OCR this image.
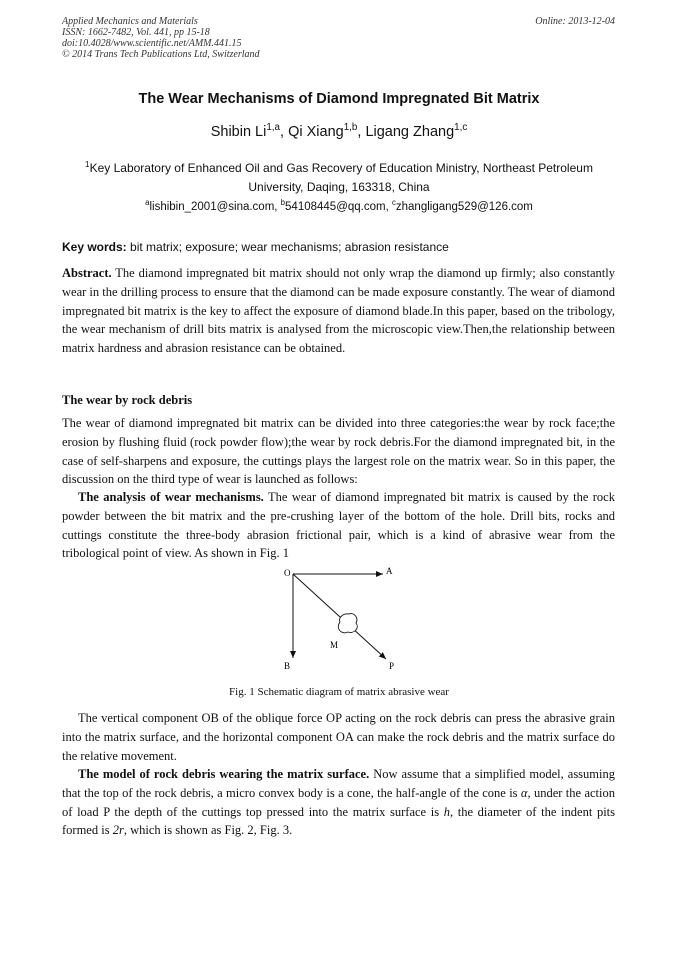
Applied Mechanics and Materials
ISSN: 1662-7482, Vol. 441, pp 15-18
doi:10.4028/www.scientific.net/AMM.441.15
© 2014 Trans Tech Publications Ltd, Switzerland
Online: 2013-12-04
The Wear Mechanisms of Diamond Impregnated Bit Matrix
Shibin Li$^{1,a}$, Qi Xiang$^{1,b}$, Ligang Zhang$^{1,c}$
$^1$Key Laboratory of Enhanced Oil and Gas Recovery of Education Ministry, Northeast Petroleum University, Daqing, 163318, China
$^a$lishibin_2001@sina.com, $^b$54108445@qq.com, $^c$zhangligang529@126.com
Key words: bit matrix; exposure; wear mechanisms; abrasion resistance

Abstract. The diamond impregnated bit matrix should not only wrap the diamond up firmly; also constantly wear in the drilling process to ensure that the diamond can be made exposure constantly. The wear of diamond impregnated bit matrix is the key to affect the exposure of diamond blade.In this paper, based on the tribology, the wear mechanism of drill bits matrix is analysed from the microscopic view.Then,the relationship between matrix hardness and abrasion resistance can be obtained.

The wear by rock debris

The wear of diamond impregnated bit matrix can be divided into three categories:the wear by rock face;the erosion by flushing fluid (rock powder flow);the wear by rock debris.For the diamond impregnated bit, in the case of self-sharpens and exposure, the cuttings plays the largest role on the matrix wear. So in this paper, the discussion on the third type of wear is launched as follows:

The analysis of wear mechanisms. The wear of diamond impregnated bit matrix is caused by the rock powder between the bit matrix and the pre-crushing layer of the bottom of the hole. Drill bits, rocks and cuttings constitute the three-body abrasion frictional pair, which is a kind of abrasive wear from the tribological point of view. As shown in Fig. 1

O	A
B	P
M
Fig. 1 Schematic diagram of matrix abrasive wear

The vertical component OB of the oblique force OP acting on the rock debris can press the abrasive grain into the matrix surface, and the horizontal component OA can make the rock debris and the matrix surface do the relative movement.

The model of rock debris wearing the matrix surface. Now assume that a simplified model, assuming that the top of the rock debris, a micro convex body is a cone, the half-angle of the cone is α, under the action of load P the depth of the cuttings top pressed into the matrix surface is h, the diameter of the indent pits formed is 2r, which is shown as Fig. 2, Fig. 3.
